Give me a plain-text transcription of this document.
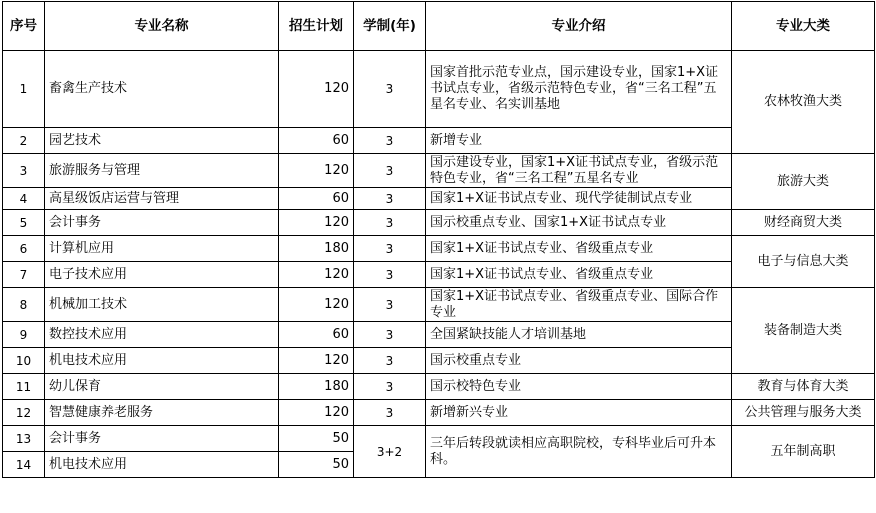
序号	专业名称	招生计划	学制(年)	专业介绍	专业大类
1	畜禽生产技术	120	3	国家首批示范专业点，国示建设专业，国家1+X证书试点专业，省级示范特色专业，省“三名工程”五星名专业、名实训基地	农林牧渔大类
2	园艺技术	60	3	新增专业	
3	旅游服务与管理	120	3	国示建设专业，国家1+X证书试点专业，省级示范特色专业，省“三名工程”五星名专业	旅游大类
4	高星级饭店运营与管理	60	3	国家1+X证书试点专业、现代学徒制试点专业	
5	会计事务	120	3	国示校重点专业、国家1+X证书试点专业	财经商贸大类
6	计算机应用	180	3	国家1+X证书试点专业、省级重点专业	电子与信息大类
7	电子技术应用	120	3	国家1+X证书试点专业、省级重点专业	
8	机械加工技术	120	3	国家1+X证书试点专业、省级重点专业、国际合作专业	装备制造大类
9	数控技术应用	60	3	全国紧缺技能人才培训基地	
10	机电技术应用	120	3	国示校重点专业	
11	幼儿保育	180	3	国示校特色专业	教育与体育大类
12	智慧健康养老服务	120	3	新增新兴专业	公共管理与服务大类
13	会计事务	50	3+2	三年后转段就读相应高职院校，专科毕业后可升本科。	五年制高职
14	机电技术应用	50			
